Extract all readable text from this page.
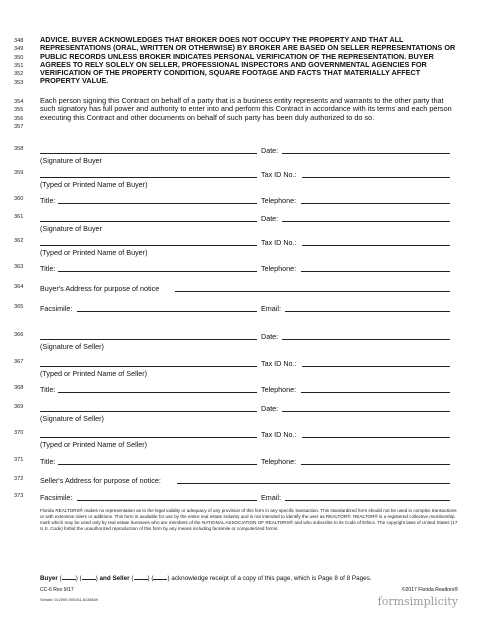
348
349
350
351
352
353
ADVICE. BUYER ACKNOWLEDGES THAT BROKER DOES NOT OCCUPY THE PROPERTY AND THAT ALL REPRESENTATIONS (ORAL, WRITTEN OR OTHERWISE) BY BROKER ARE BASED ON SELLER REPRESENTATIONS OR PUBLIC RECORDS UNLESS BROKER INDICATES PERSONAL VERIFICATION OF THE REPRESENTATION. BUYER AGREES TO RELY SOLELY ON SELLER, PROFESSIONAL INSPECTORS AND GOVERNMENTAL AGENCIES FOR VERIFICATION OF THE PROPERTY CONDITION, SQUARE FOOTAGE AND FACTS THAT MATERIALLY AFFECT PROPERTY VALUE.
354
355
356
357
Each person signing this Contract on behalf of a party that is a business entity represents and warrants to the other party that such signatory has full power and authority to enter into and perform this Contract in accordance with its terms and each person executing this Contract and other documents on behalf of such party has been duly authorized to do so.
358	Date:
(Signature of Buyer
359	Tax ID No.:
(Typed or Printed Name of Buyer)
360	Title:	Telephone:
361	Date:
(Signature of Buyer
362	Tax ID No.:
(Typed or Printed Name of Buyer)
363	Title:	Telephone:
364	Buyer's Address for purpose of notice
365	Facsimile:	Email:
366	Date:
(Signature of Seller)
367	Tax ID No.:
(Typed or Printed Name of Seller)
368	Title:	Telephone:
369	Date:
(Signature of Seller)
370	Tax ID No.:
(Typed or Printed Name of Seller)
371	Title:	Telephone:
372	Seller's Address for purpose of notice:
373	Facsimile:	Email:
Florida REALTORS® makes no representation as to the legal validity or adequacy of any provision of this form in any specific transaction. This standardized form should not be used in complex transactions or with extensive riders or additions. This form is available for use by the entire real estate industry and is not intended to identify the user as REALTOR®. REALTOR® is a registered collective membership mark which may be used only by real estate licensees who are members of the NATIONAL ASSOCIATION OF REALTORS® and who subscribe to its Code of Ethics. The copyright laws of United States (17 U.S. Code) forbid the unauthorized reproduction of this form by any means including facsimile or computerized forms.
Buyer ( ) ( ) and Seller ( ) ( ) acknowledge receipt of a copy of this page, which is Page 8 of 8 Pages.
CC-6 Rev 9/17
Serial#: 012090-900151-8138849
©2017 Florida Realtors®
formsimplicity
